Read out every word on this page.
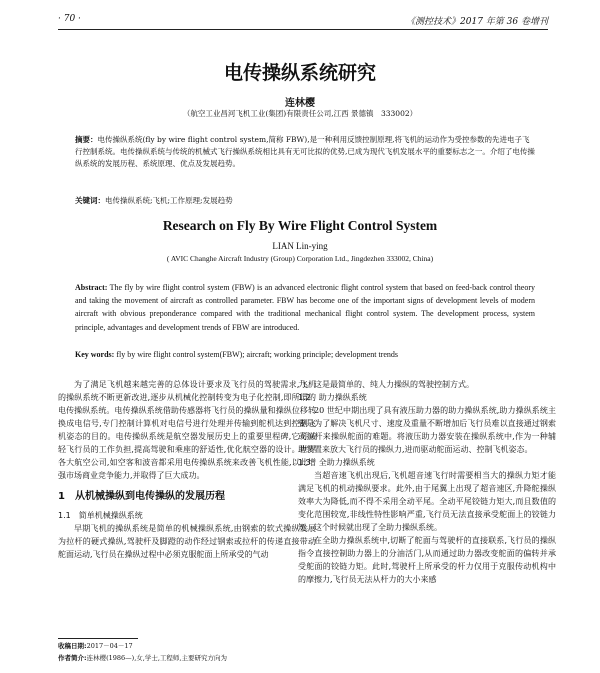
· 70 ·	《测控技术》2017 年第 36 卷增刊
电传操纵系统研究
连林樱
（航空工业昌河飞机工业(集团)有限责任公司,江西 景德镇　333002）
摘要：电传操纵系统(fly by wire flight control system,简称 FBW),是一种利用反馈控制原理,将飞机的运动作为受控参数的先进电子飞行控制系统。电传操纵系统与传统的机械式飞行操纵系统相比具有无可比拟的优势,已成为现代飞机发展水平的重要标志之一。介绍了电传操纵系统的发展历程、系统原理、优点及发展趋势。
关键词：电传操纵系统;飞机;工作原理;发展趋势
Research on Fly By Wire Flight Control System
LIAN Lin-ying
( AVIC Changhe Aircraft Industry (Group) Corporation Ltd., Jingdezhen 333002, China)
Abstract: The fly by wire flight control system (FBW) is an advanced electronic flight control system that based on feed-back control theory and taking the movement of aircraft as controlled parameter. FBW has become one of the important signs of development levels of modern aircraft with obvious preponderance compared with the traditional mechanical flight control system. The development process, system principle, advantages and development trends of FBW are introduced.
Key words: fly by wire flight control system(FBW); aircraft; working principle; development trends

为了满足飞机越来越完善的总体设计要求及飞行员的驾驶需求,飞机的操纵系统不断更新改进,逐步从机械化控制转变为电子化控制,即所谓的电传操纵系统。电传操纵系统借助传感器将飞行员的操纵量和操纵位移转换成电信号,专门控制计算机对电信号进行处理并传输到舵机达到控制飞机姿态的目的。电传操纵系统是航空器发展历史上的重要里程碑,它可减轻飞行员的工作负担,提高驾驶和乘座的舒适性,优化航空器的设计。世界各大航空公司,如空客和波音都采用电传操纵系统来改善飞机性能,以此增强市场商业竞争能力,并取得了巨大成功。

1　从机械操纵到电传操纵的发展历程

1.1　简单机械操纵系统

早期飞机的操纵系统是简单的机械操纵系统,由钢索的软式操纵发展为拉杆的硬式操纵,驾驶杆及脚蹬的动作经过钢索或拉杆的传递直接带动舵面运动,飞行员在操纵过程中必须克服舵面上所承受的气动

力。这是最简单的、纯人力操纵的驾驶控制方式。

1.2　助力操纵系统

20 世纪中期出现了具有液压助力器的助力操纵系统,助力操纵系统主要是为了解决飞机尺寸、速度及重量不断增加后飞行员难以直接通过钢索或拉杆来操纵舵面的难题。将液压助力器安装在操纵系统中,作为一种辅助装置来放大飞行员的操纵力,进而驱动舵面运动、控制飞机姿态。

1.3　全助力操纵系统

当超音速飞机出现后,飞机超音速飞行时需要相当大的操纵力矩才能满足飞机的机动操纵要求。此外,由于尾翼上出现了超音速区,升降舵操纵效率大为降低,而不得不采用全动平尾。全动平尾铰链力矩大,而且数值的变化范围较宽,非线性特性影响严重,飞行员无法直接承受舵面上的铰链力矩。这个时候就出现了全助力操纵系统。

在全助力操纵系统中,切断了舵面与驾驶杆的直接联系,飞行员的操纵指令直接控制助力器上的分油活门,从而通过助力器改变舵面的偏转并承受舵面的铰链力矩。此时,驾驶杆上所承受的杆力仅用于克服传动机构中的摩擦力,飞行员无法从杆力的大小来感

收稿日期:2017－04－17
作者简介:连林樱(1986—),女,学士,工程师,主要研究方向为
